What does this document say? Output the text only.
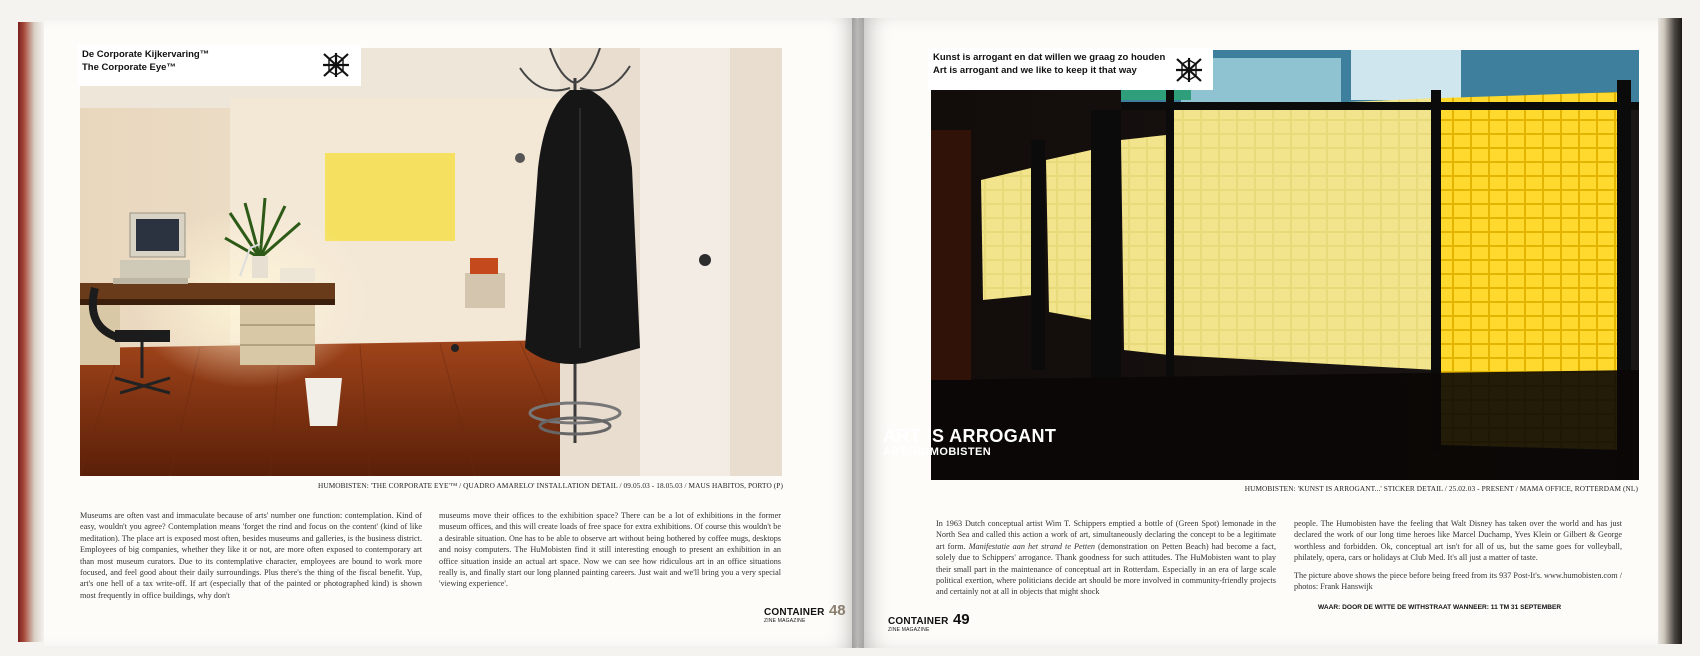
De Corporate Kijkervaring™
The Corporate Eye™
HUMOBISTEN: 'THE CORPORATE EYE'™ / QUADRO AMARELO' INSTALLATION DETAIL / 09.05.03 - 18.05.03 / MAUS HABITOS, PORTO (P)
Museums are often vast and immaculate because of arts' number one function: contemplation. Kind of easy, wouldn't you agree? Contemplation means 'forget the rind and focus on the content' (kind of like meditation). The place art is exposed most often, besides museums and galleries, is the business district. Employees of big companies, whether they like it or not, are more often exposed to contemporary art than most museum curators. Due to its contemplative character, employees are bound to work more focused, and feel good about their daily surroundings. Plus there's the thing of the fiscal benefit. Yup, art's one hell of a tax write-off. If art (especially that of the painted or photographed kind) is shown most frequently in office buildings, why don't
museums move their offices to the exhibition space? There can be a lot of exhibitions in the former museum offices, and this will create loads of free space for extra exhibitions. Of course this wouldn't be a desirable situation. One has to be able to observe art without being bothered by coffee mugs, desktops and noisy computers. The HuMobisten find it still interesting enough to present an exhibition in an office situation inside an actual art space. Now we can see how ridiculous art in an office situations really is, and finally start our long planned painting careers. Just wait and we'll bring you a very special 'viewing experience'.
CONTAINER 48
ZINE MAGAZINE
Kunst is arrogant en dat willen we graag zo houden
Art is arrogant and we like to keep it that way
ART IS ARROGANT
ART: HUMOBISTEN
HUMOBISTEN: 'KUNST IS ARROGANT...' STICKER DETAIL / 25.02.03 - PRESENT / MAMA OFFICE, ROTTERDAM (NL)
In 1963 Dutch conceptual artist Wim T. Schippers emptied a bottle of (Green Spot) lemonade in the North Sea and called this action a work of art, simultaneously declaring the concept to be a legitimate art form. Manifestatie aan het strand te Petten (demonstration on Petten Beach) had become a fact, solely due to Schippers' arrogance. Thank goodness for such attitudes. The HuMobisten want to play their small part in the maintenance of conceptual art in Rotterdam. Especially in an era of large scale political exertion, where politicians decide art should be more involved in community-friendly projects and certainly not at all in objects that might shock
people. The Humobisten have the feeling that Walt Disney has taken over the world and has just declared the work of our long time heroes like Marcel Duchamp, Yves Klein or Gilbert & George worthless and forbidden. Ok, conceptual art isn't for all of us, but the same goes for volleyball, philately, opera, cars or holidays at Club Med. It's all just a matter of taste.
The picture above shows the piece before being freed from its 937 Post-It's. www.humobisten.com / photos: Frank Hanswijk
CONTAINER 49
ZINE MAGAZINE
WAAR: DOOR DE WITTE DE WITHSTRAAT WANNEER: 11 TM 31 SEPTEMBER
